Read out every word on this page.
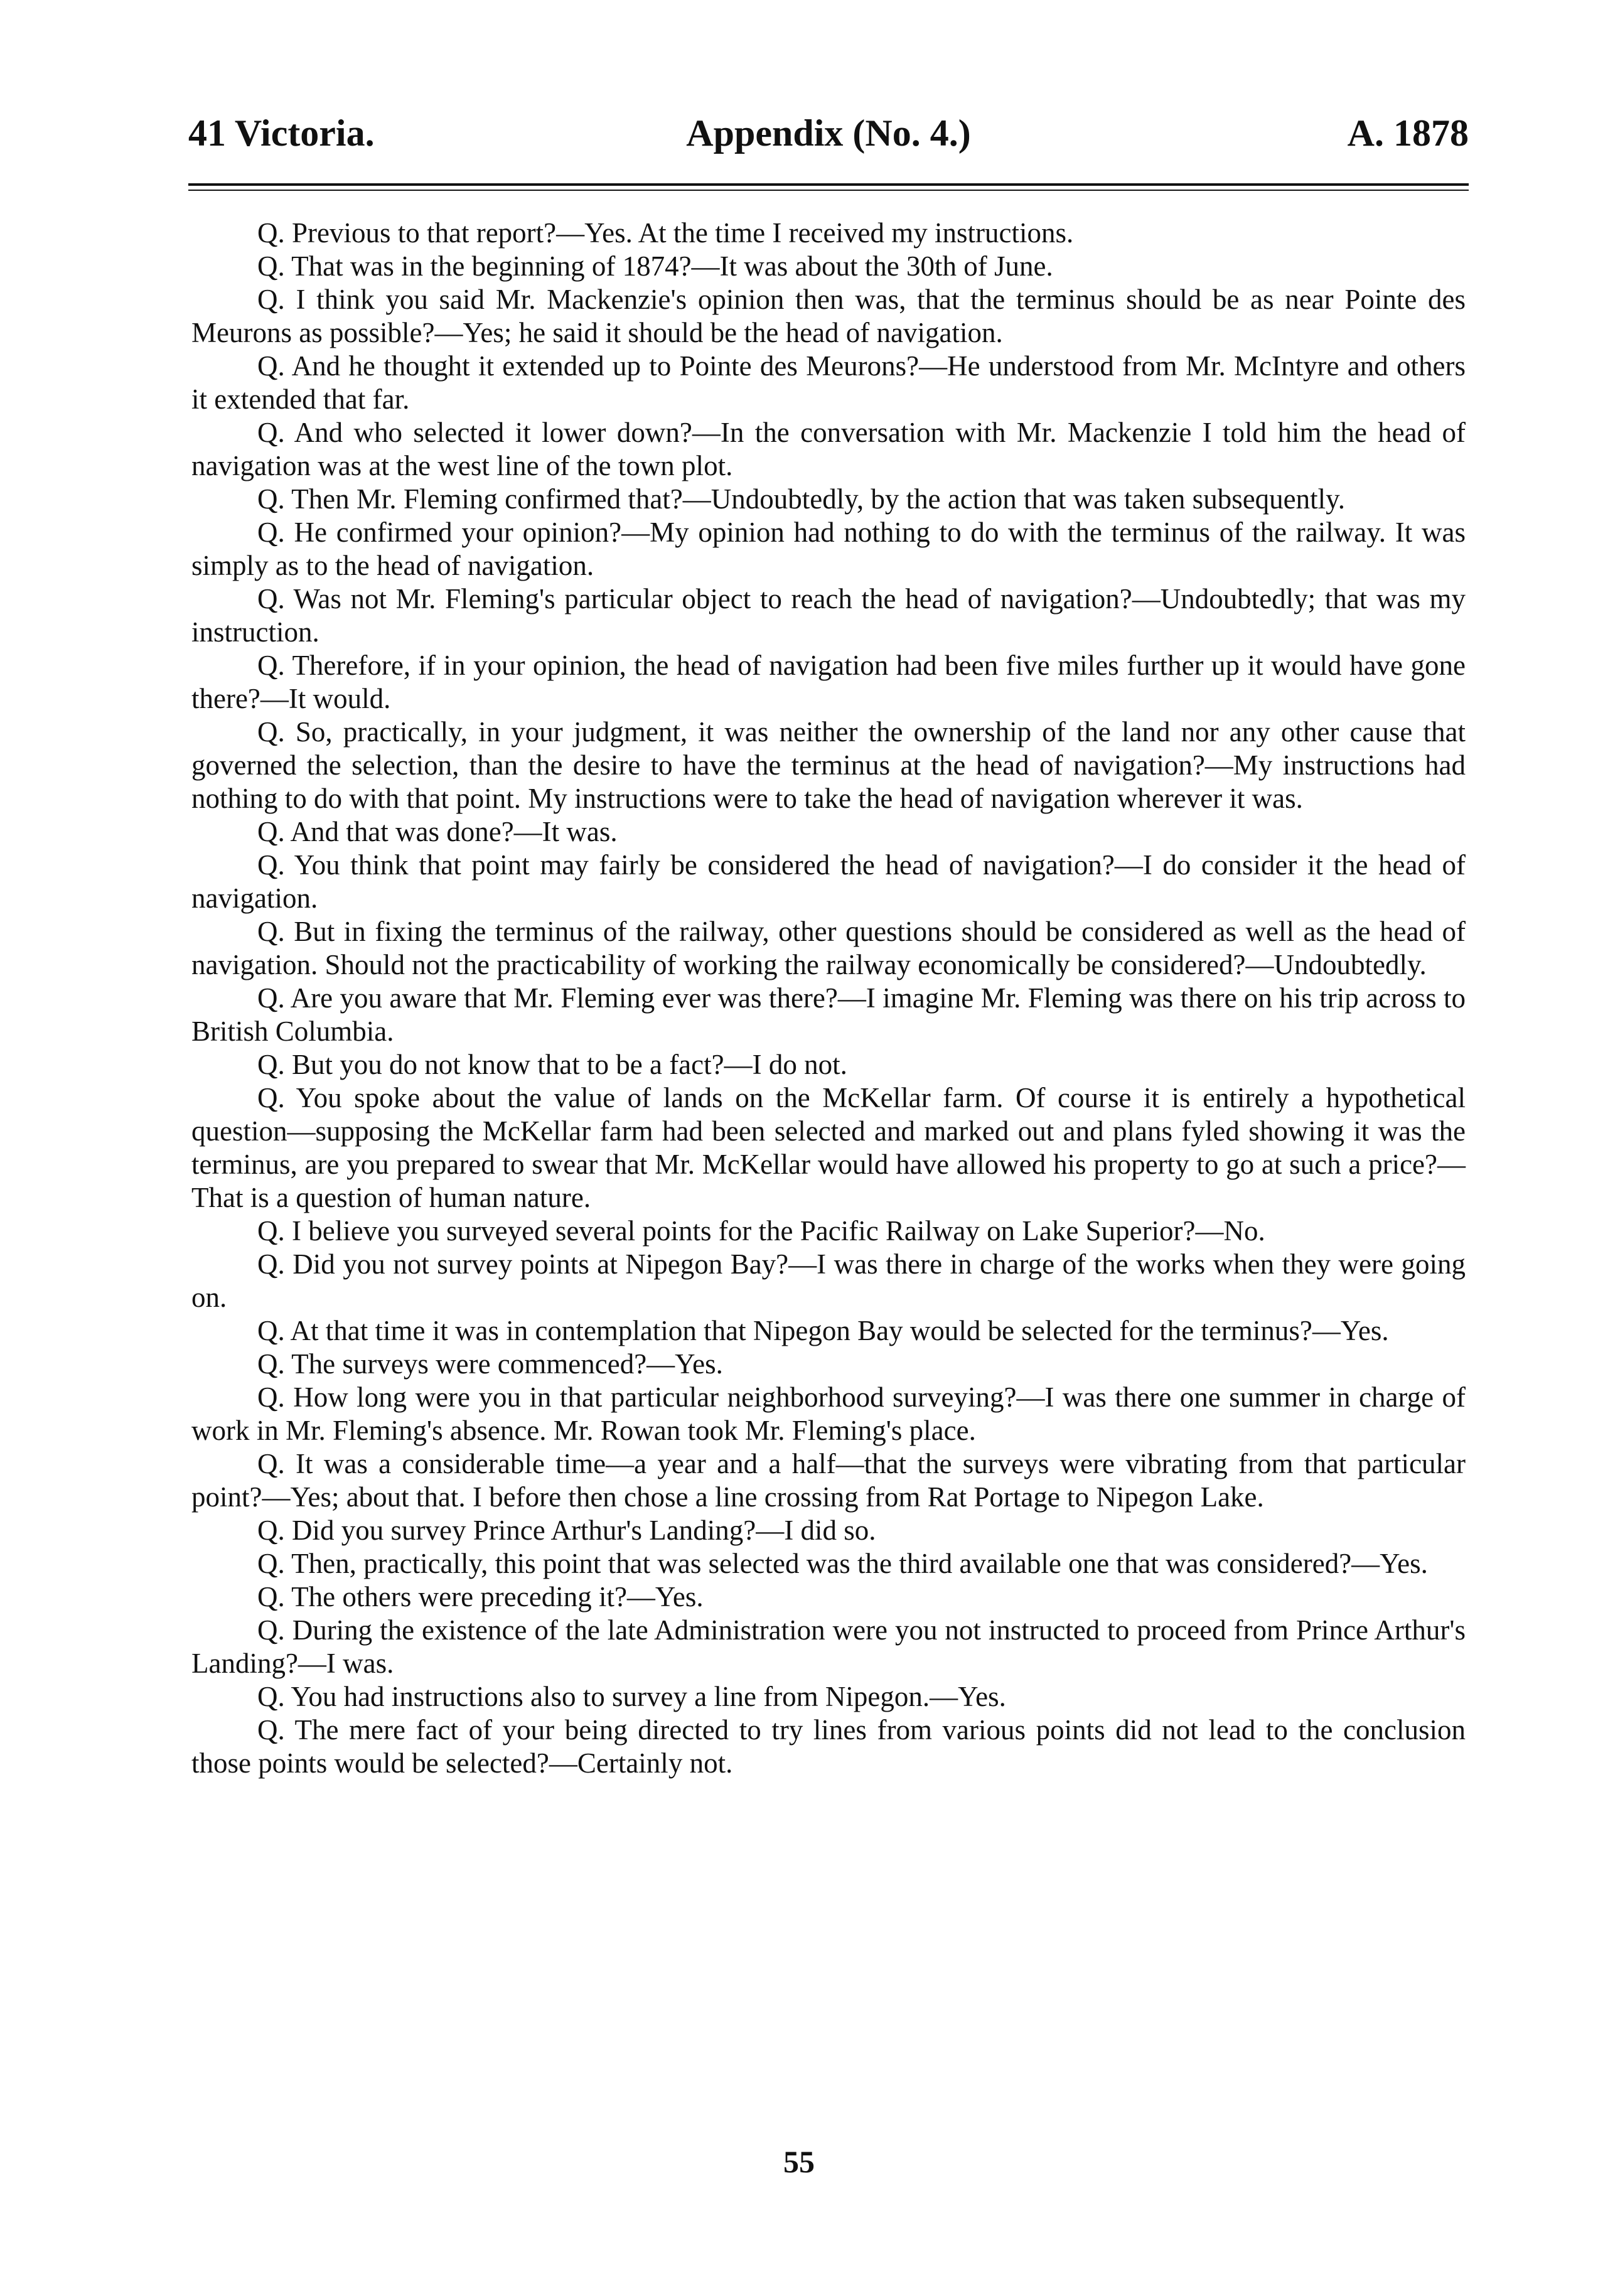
41 Victoria.	Appendix (No. 4.)	A. 1878

Q. Previous to that report?—Yes. At the time I received my instructions.

Q. That was in the beginning of 1874?—It was about the 30th of June.

Q. I think you said Mr. Mackenzie's opinion then was, that the terminus should be as near Pointe des Meurons as possible?—Yes; he said it should be the head of navigation.

Q. And he thought it extended up to Pointe des Meurons?—He understood from Mr. McIntyre and others it extended that far.

Q. And who selected it lower down?—In the conversation with Mr. Mackenzie I told him the head of navigation was at the west line of the town plot.

Q. Then Mr. Fleming confirmed that?—Undoubtedly, by the action that was taken subsequently.

Q. He confirmed your opinion?—My opinion had nothing to do with the terminus of the railway. It was simply as to the head of navigation.

Q. Was not Mr. Fleming's particular object to reach the head of navigation?—Undoubtedly; that was my instruction.

Q. Therefore, if in your opinion, the head of navigation had been five miles further up it would have gone there?—It would.

Q. So, practically, in your judgment, it was neither the ownership of the land nor any other cause that governed the selection, than the desire to have the terminus at the head of navigation?—My instructions had nothing to do with that point. My instructions were to take the head of navigation wherever it was.

Q. And that was done?—It was.

Q. You think that point may fairly be considered the head of navigation?—I do consider it the head of navigation.

Q. But in fixing the terminus of the railway, other questions should be considered as well as the head of navigation. Should not the practicability of working the railway economically be considered?—Undoubtedly.

Q. Are you aware that Mr. Fleming ever was there?—I imagine Mr. Fleming was there on his trip across to British Columbia.

Q. But you do not know that to be a fact?—I do not.

Q. You spoke about the value of lands on the McKellar farm. Of course it is entirely a hypothetical question—supposing the McKellar farm had been selected and marked out and plans fyled showing it was the terminus, are you prepared to swear that Mr. McKellar would have allowed his property to go at such a price?—That is a question of human nature.

Q. I believe you surveyed several points for the Pacific Railway on Lake Superior?—No.

Q. Did you not survey points at Nipegon Bay?—I was there in charge of the works when they were going on.

Q. At that time it was in contemplation that Nipegon Bay would be selected for the terminus?—Yes.

Q. The surveys were commenced?—Yes.

Q. How long were you in that particular neighborhood surveying?—I was there one summer in charge of work in Mr. Fleming's absence. Mr. Rowan took Mr. Fleming's place.

Q. It was a considerable time—a year and a half—that the surveys were vibrating from that particular point?—Yes; about that. I before then chose a line crossing from Rat Portage to Nipegon Lake.

Q. Did you survey Prince Arthur's Landing?—I did so.

Q. Then, practically, this point that was selected was the third available one that was considered?—Yes.

Q. The others were preceding it?—Yes.

Q. During the existence of the late Administration were you not instructed to proceed from Prince Arthur's Landing?—I was.

Q. You had instructions also to survey a line from Nipegon.—Yes.

Q. The mere fact of your being directed to try lines from various points did not lead to the conclusion those points would be selected?—Certainly not.

55
